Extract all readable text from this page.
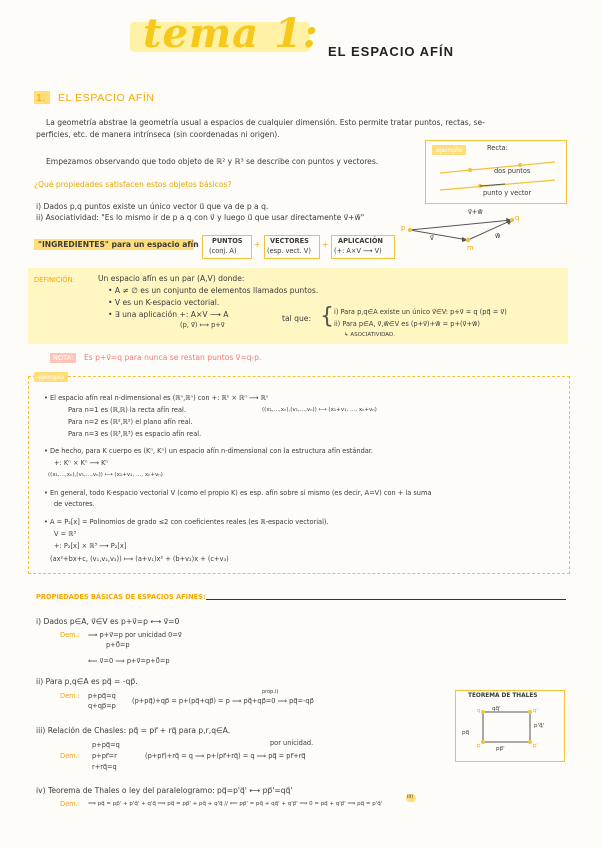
tema 1: EL ESPACIO AFÍN
1. EL ESPACIO AFÍN
La geometría abstrae la geometría usual a espacios de cualquier dimensión. Esto permite tratar puntos, rectas, se-
perficies, etc. de manera intrínseca (sin coordenadas ni origen).
Empezamos observando que todo objeto de ℝ² y ℝ³ se describe con puntos y vectores.
¿Qué propiedades satisfacen estos objetos básicos?
i) Dados p,q puntos existe un único vector u⃗ que va de p a q.
ii) Asociatividad: "Es lo mismo ir de p a q con v⃗ y luego u⃗ que usar directamente v⃗+w⃗"
ejemplo	Recta:
dos puntos
punto y vector
p
q
m
v⃗	w⃗
v⃗+w⃗
"INGREDIENTES" para un espacio afín PUNTOS
(conj. A)
+ VECTORES
(esp. vect. V)
+ APLICACIÓN
(+: A×V ⟶ V)
DEFINICIÓN:	Un espacio afín es un par (A,V) donde:
• A ≠ ∅ es un conjunto de elementos llamados puntos.
• V es un K-espacio vectorial.
• ∃ una aplicación +: A×V ⟶ A
(p, v⃗) ⟼ p+v⃗
tal que: { i) Para p,q∈A existe un único v⃗∈V: p+v⃗ = q (pq⃗ = v⃗)
ii) Para p∈A, v⃗,w⃗∈V es (p+v⃗)+w⃗ = p+(v⃗+w⃗)
↳ ASOCIATIVIDAD.
NOTA: Es p+v⃗=q para nunca se restan puntos v⃗=q-p.
ejemplo
• El espacio afín real n-dimensional es (ℝⁿ,ℝⁿ) con +: ℝⁿ × ℝⁿ ⟶ ℝⁿ
((x₁,...,xₙ),(v₁,...,vₙ)) ⟼ (x₁+v₁, ..., xₙ+vₙ)
Para n=1 es (ℝ,ℝ) la recta afín real.
Para n=2 es (ℝ²,ℝ²) el plano afín real.
Para n=3 es (ℝ³,ℝ³) es espacio afín real.
• De hecho, para K cuerpo es (Kⁿ, Kⁿ) un espacio afín n-dimensional con la estructura afín estándar.
+: Kⁿ × Kⁿ ⟶ Kⁿ
((x₁,...,xₙ),(v₁,...,vₙ)) ⟼ (x₁+v₁, ..., xₙ+vₙ)
• En general, todo K-espacio vectorial V (como el propio K) es esp. afín sobre sí mismo (es decir, A=V) con + la suma
de vectores.
• A = P₂[x] = Polinomios de grado ≤2 con coeficientes reales (es ℝ-espacio vectorial).
V = ℝ³
+: P₂[x] × ℝ³ ⟶ P₂[x]
(ax²+bx+c, (v₁,v₂,v₃)) ⟼ (a+v₁)x² + (b+v₂)x + (c+v₃)
PROPIEDADES BÁSICAS DE ESPACIOS AFINES:
i) Dados p∈A, v⃗∈V es p+v⃗=p ⟷ v⃗=0
Dem.: ⟹ p+v⃗=p por unicidad 0=v⃗
p+0⃗=p
⟸ v⃗=0 ⟹ p+v⃗=p+0⃗=p
ii) Para p,q∈A es pq⃗ = -qp⃗.
Dem.: p+pq⃗=q
q+qp⃗=p
(p+pq⃗)+qp⃗ = p+(pq⃗+qp⃗) = p ⟹ pq⃗+qp⃗=0 ⟹ pq⃗=-qp⃗
prop.i)
TEOREMA DE THALES
qq⃗'
pq⃗
p'q⃗'
pp⃗'
p
q
p'
q'
iii) Relación de Chasles: pq⃗ = pr⃗ + rq⃗ para p,r,q∈A.
Dem.:
p+pq⃗=q
p+pr⃗=r
r+rq⃗=q
(p+pr⃗)+rq⃗ = q ⟹ p+(pr⃗+rq⃗) = q ⟹ pq⃗ = pr⃗+rq⃗
por unicidad.
iv) Teorema de Thales o ley del paralelogramo: pq⃗=p'q⃗' ⟷ pp⃗'=qq⃗'
Dem.: ⟹ pq⃗ = pp⃗' + p'q⃗' + q'q⃗ ⟹ pq⃗ = pp⃗' + pq⃗ + q'q⃗ // ⟸ pp⃗' = pq⃗ + qq⃗' + q'p⃗' ⟹ 0 = pq⃗ + q'p⃗' ⟹ pq⃗ = p'q⃗'
iii)
